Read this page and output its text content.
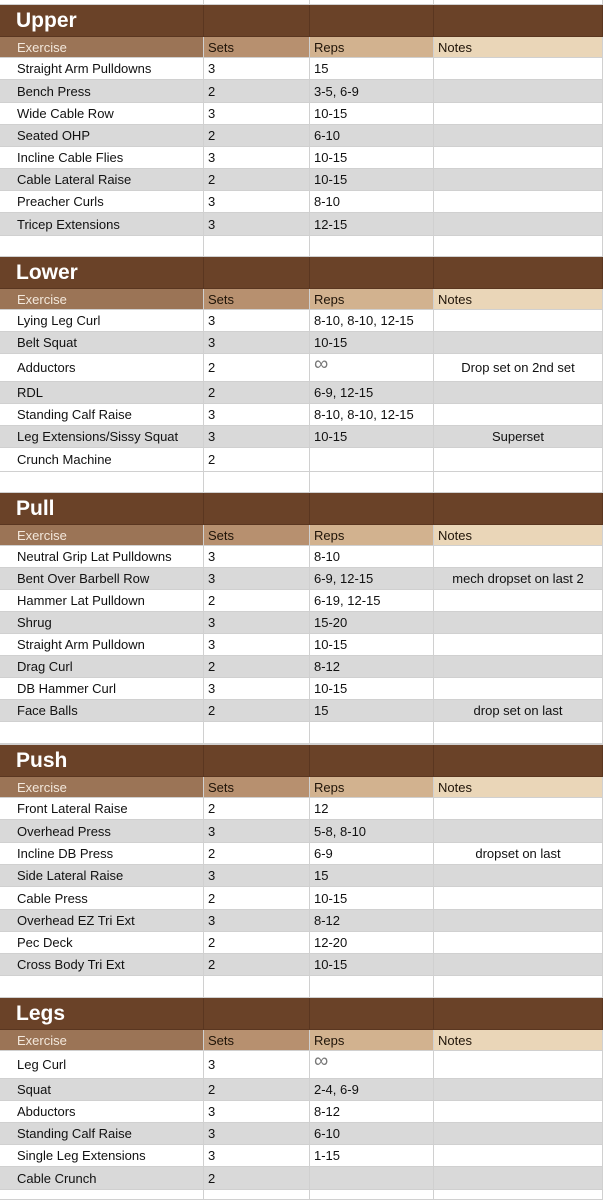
Upper
Exercise	Sets	Reps	Notes
Straight Arm Pulldowns	3	15
Bench Press	2	3-5, 6-9
Wide Cable Row	3	10-15
Seated OHP	2	6-10
Incline Cable Flies	3	10-15
Cable Lateral Raise	2	10-15
Preacher Curls	3	8-10
Tricep Extensions	3	12-15
Lower
Exercise	Sets	Reps	Notes
Lying Leg Curl	3	8-10, 8-10, 12-15
Belt Squat	3	10-15
Adductors	2	∞	Drop set on 2nd set
RDL	2	6-9, 12-15
Standing Calf Raise	3	8-10, 8-10, 12-15
Leg Extensions/Sissy Squat	3	10-15	Superset
Crunch Machine	2
Pull
Exercise	Sets	Reps	Notes
Neutral Grip Lat Pulldowns	3	8-10
Bent Over Barbell Row	3	6-9, 12-15	mech dropset on last 2
Hammer Lat Pulldown	2	6-19, 12-15
Shrug	3	15-20
Straight Arm Pulldown	3	10-15
Drag Curl	2	8-12
DB Hammer Curl	3	10-15
Face Balls	2	15	drop set on last
Push
Exercise	Sets	Reps	Notes
Front Lateral Raise	2	12
Overhead Press	3	5-8, 8-10
Incline DB Press	2	6-9	dropset on last
Side Lateral Raise	3	15
Cable Press	2	10-15
Overhead EZ Tri Ext	3	8-12
Pec Deck	2	12-20
Cross Body Tri Ext	2	10-15
Legs
Exercise	Sets	Reps	Notes
Leg Curl	3	∞
Squat	2	2-4, 6-9
Abductors	3	8-12
Standing Calf Raise	3	6-10
Single Leg Extensions	3	1-15
Cable Crunch	2
